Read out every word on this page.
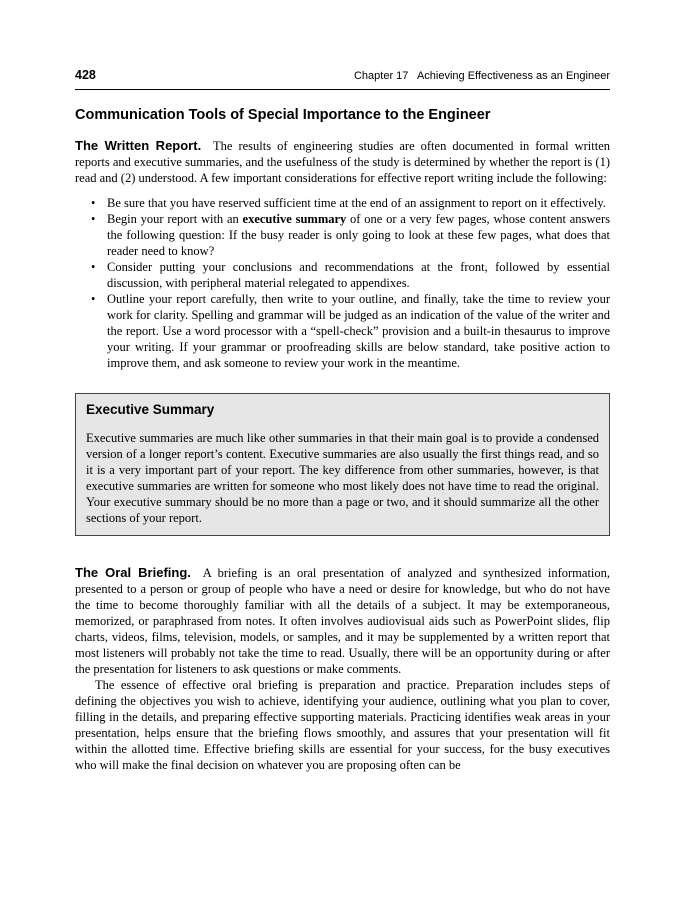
428	Chapter 17   Achieving Effectiveness as an Engineer
Communication Tools of Special Importance to the Engineer

The Written Report. The results of engineering studies are often documented in formal written reports and executive summaries, and the usefulness of the study is determined by whether the report is (1) read and (2) understood. A few important considerations for effective report writing include the following:

• Be sure that you have reserved sufficient time at the end of an assignment to report on it effectively.
• Begin your report with an executive summary of one or a very few pages, whose content answers the following question: If the busy reader is only going to look at these few pages, what does that reader need to know?
• Consider putting your conclusions and recommendations at the front, followed by essential discussion, with peripheral material relegated to appendixes.
• Outline your report carefully, then write to your outline, and finally, take the time to review your work for clarity. Spelling and grammar will be judged as an indication of the value of the writer and the report. Use a word processor with a “spell-check” provision and a built-in thesaurus to improve your writing. If your grammar or proofreading skills are below standard, take positive action to improve them, and ask someone to review your work in the meantime.
Executive Summary

Executive summaries are much like other summaries in that their main goal is to provide a condensed version of a longer report’s content. Executive summaries are also usually the first things read, and so it is a very important part of your report. The key difference from other summaries, however, is that executive summaries are written for someone who most likely does not have time to read the original. Your executive summary should be no more than a page or two, and it should summarize all the other sections of your report.

The Oral Briefing. A briefing is an oral presentation of analyzed and synthesized information, presented to a person or group of people who have a need or desire for knowledge, but who do not have the time to become thoroughly familiar with all the details of a subject. It may be extemporaneous, memorized, or paraphrased from notes. It often involves audiovisual aids such as PowerPoint slides, flip charts, videos, films, television, models, or samples, and it may be supplemented by a written report that most listeners will probably not take the time to read. Usually, there will be an opportunity during or after the presentation for listeners to ask questions or make comments.

The essence of effective oral briefing is preparation and practice. Preparation includes steps of defining the objectives you wish to achieve, identifying your audience, outlining what you plan to cover, filling in the details, and preparing effective supporting materials. Practicing identifies weak areas in your presentation, helps ensure that the briefing flows smoothly, and assures that your presentation will fit within the allotted time. Effective briefing skills are essential for your success, for the busy executives who will make the final decision on whatever you are proposing often can be
